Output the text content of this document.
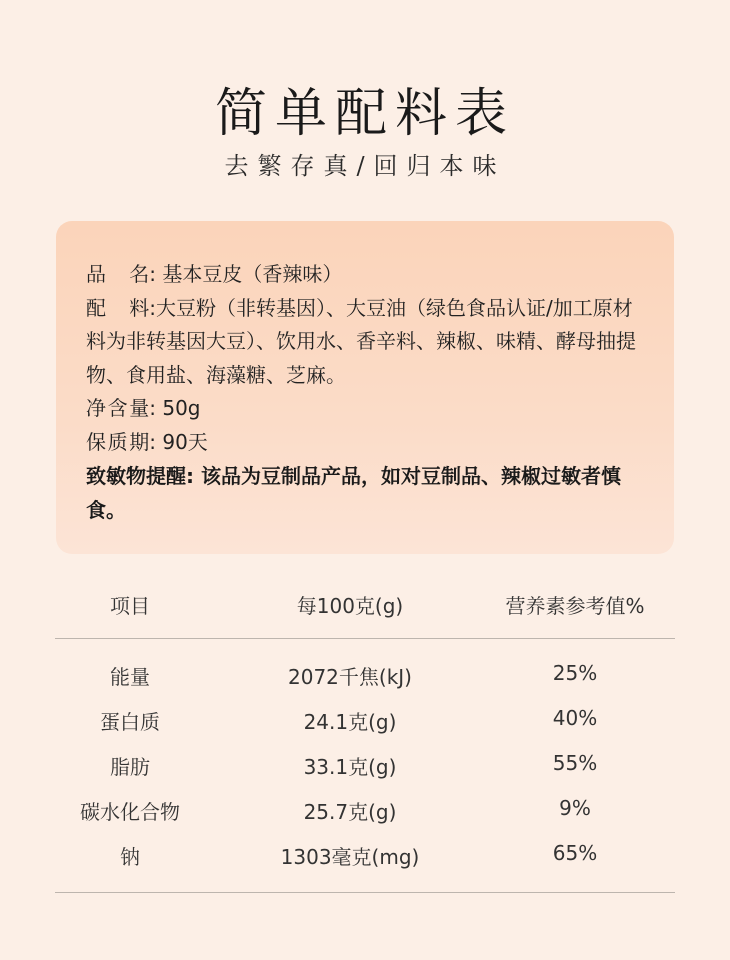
简单配料表
去繁存真/回归本味
品 名: 基本豆皮（香辣味）
配 料: 大豆粉（非转基因）、大豆油（绿色食品认证/加工原材料为非转基因大豆）、饮用水、香辛料、辣椒、味精、酵母抽提物、食用盐、海藻糖、芝麻。
净 含 量: 50g
保 质 期: 90天
致敏物提醒: 该品为豆制品产品，如对豆制品、辣椒过敏者慎食。
项目	每100克(g)	营养素参考值%
能量	2072千焦(kJ)	25%
蛋白质	24.1克(g)	40%
脂肪	33.1克(g)	55%
碳水化合物	25.7克(g)	9%
钠	1303毫克(mg)	65%
